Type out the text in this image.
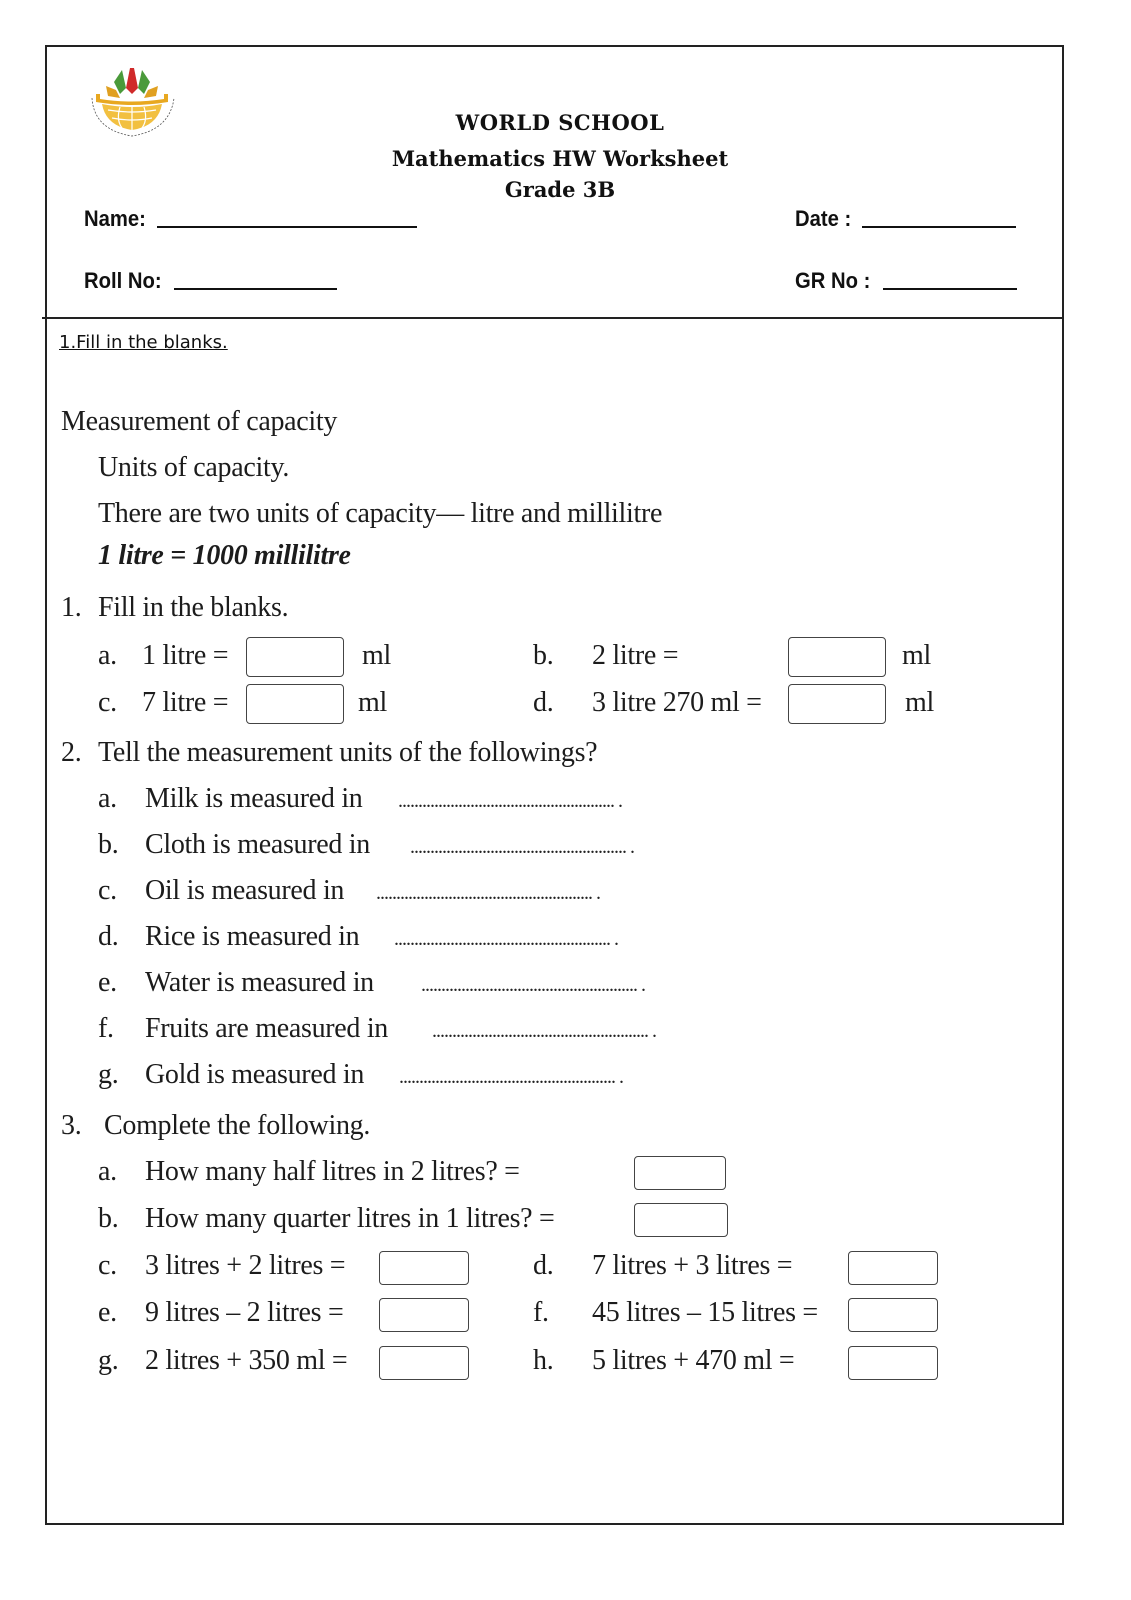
WORLD SCHOOL
Mathematics HW Worksheet
Grade 3B
Name:	Date :
Roll No:	GR No :
1.Fill in the blanks.
Measurement of capacity
Units of capacity.
There are two units of capacity— litre and millilitre
1 litre = 1000 millilitre
1. Fill in the blanks.
a. 1 litre =	ml	b. 2 litre =	ml
c. 7 litre =	ml	d. 3 litre 270 ml =	ml
2. Tell the measurement units of the followings?
a. Milk is measured in ...................................................... .
b. Cloth is measured in ...................................................... .
c. Oil is measured in ...................................................... .
d. Rice is measured in ...................................................... .
e. Water is measured in ...................................................... .
f. Fruits are measured in ...................................................... .
g. Gold is measured in ...................................................... .
3. Complete the following.
a. How many half litres in 2 litres? =
b. How many quarter litres in 1 litres? =
c. 3 litres + 2 litres =	d. 7 litres + 3 litres =
e. 9 litres – 2 litres =	f. 45 litres – 15 litres =
g. 2 litres + 350 ml =	h. 5 litres + 470 ml =
